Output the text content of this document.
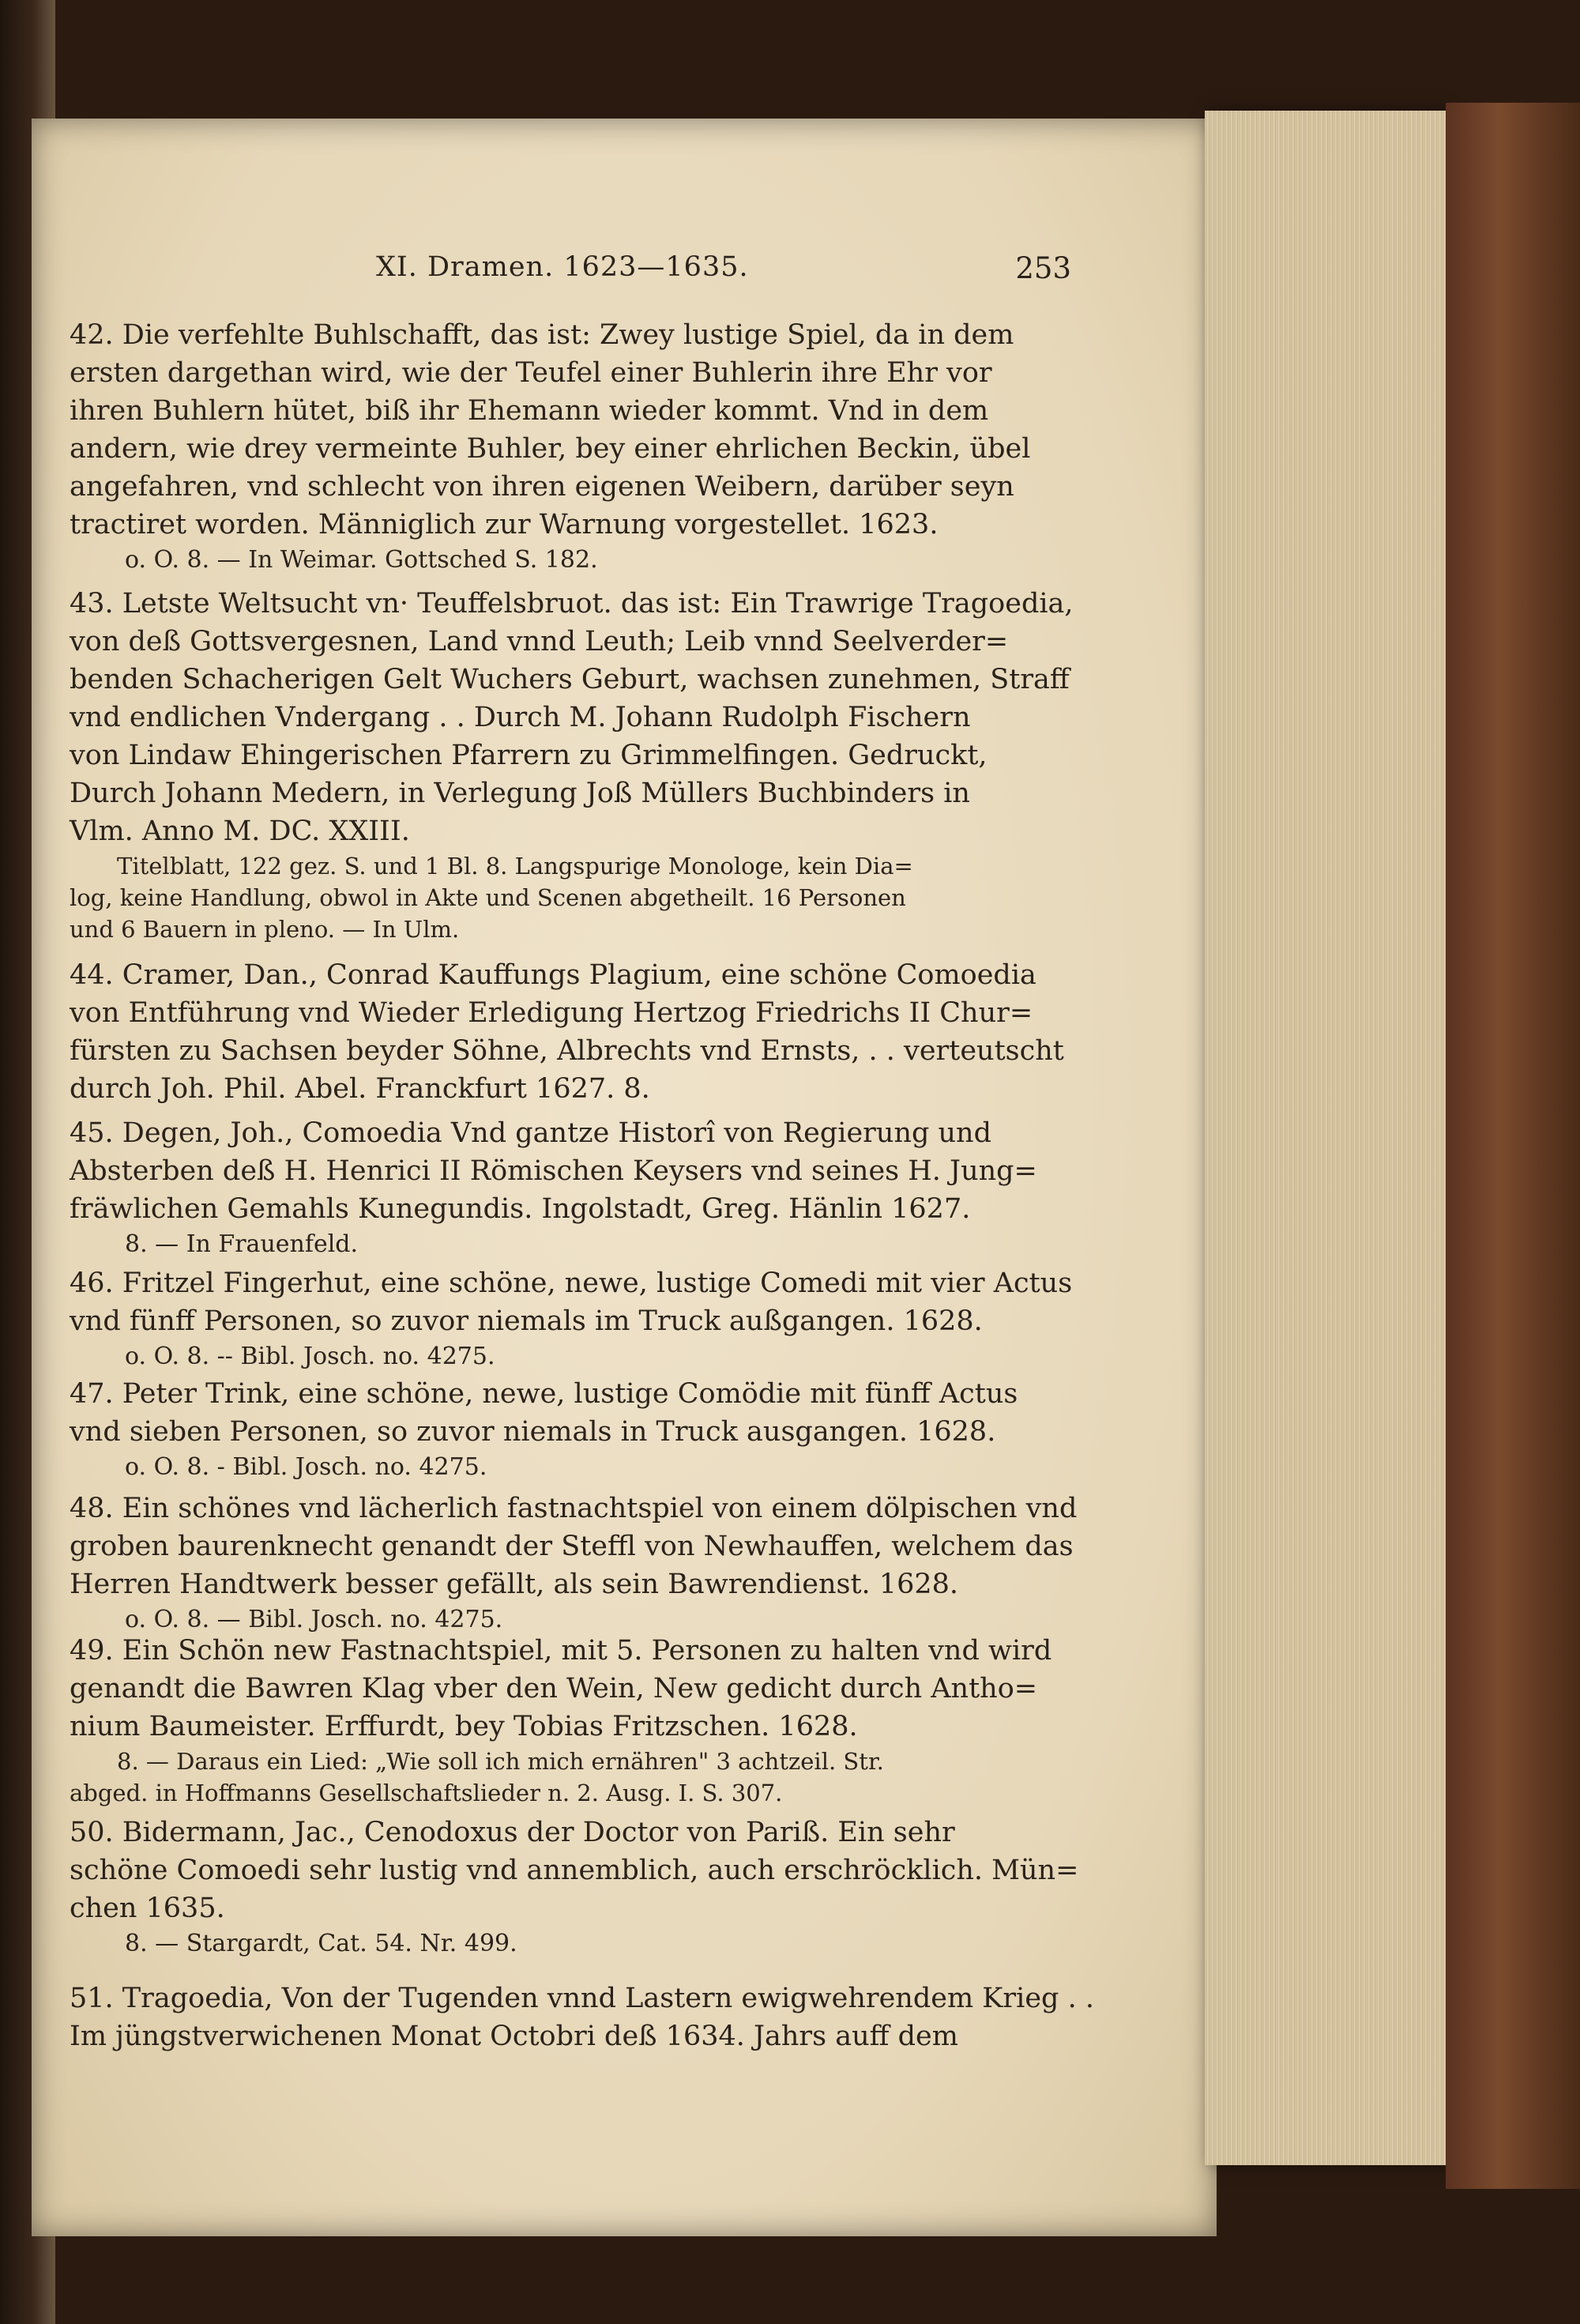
XI. Dramen. 1623—1635.	253
42. Die verfehlte Buhlschafft, das ist: Zwey lustige Spiel, da in dem
ersten dargethan wird, wie der Teufel einer Buhlerin ihre Ehr vor
ihren Buhlern hütet, biß ihr Ehemann wieder kommt. Vnd in dem
andern, wie drey vermeinte Buhler, bey einer ehrlichen Beckin, übel
angefahren, vnd schlecht von ihren eigenen Weibern, darüber seyn
tractiret worden. Männiglich zur Warnung vorgestellet. 1623.
o. O. 8. — In Weimar. Gottsched S. 182.
43. Letste Weltsucht vn· Teuffelsbruot. das ist: Ein Trawrige Tragoedia,
von deß Gottsvergesnen, Land vnnd Leuth; Leib vnnd Seelverder=
benden Schacherigen Gelt Wuchers Geburt, wachsen zunehmen, Straff
vnd endlichen Vndergang . . Durch M. Johann Rudolph Fischern
von Lindaw Ehingerischen Pfarrern zu Grimmelfingen. Gedruckt,
Durch Johann Medern, in Verlegung Joß Müllers Buchbinders in
Vlm. Anno M. DC. XXIII.
Titelblatt, 122 gez. S. und 1 Bl. 8. Langspurige Monologe, kein Dia=
log, keine Handlung, obwol in Akte und Scenen abgetheilt. 16 Personen
und 6 Bauern in pleno. — In Ulm.
44. Cramer, Dan., Conrad Kauffungs Plagium, eine schöne Comoedia
von Entführung vnd Wieder Erledigung Hertzog Friedrichs II Chur=
fürsten zu Sachsen beyder Söhne, Albrechts vnd Ernsts, . . verteutscht
durch Joh. Phil. Abel. Franckfurt 1627. 8.
45. Degen, Joh., Comoedia Vnd gantze Historî von Regierung und
Absterben deß H. Henrici II Römischen Keysers vnd seines H. Jung=
fräwlichen Gemahls Kunegundis. Ingolstadt, Greg. Hänlin 1627.
8. — In Frauenfeld.
46. Fritzel Fingerhut, eine schöne, newe, lustige Comedi mit vier Actus
vnd fünff Personen, so zuvor niemals im Truck außgangen. 1628.
o. O. 8. -- Bibl. Josch. no. 4275.
47. Peter Trink, eine schöne, newe, lustige Comödie mit fünff Actus
vnd sieben Personen, so zuvor niemals in Truck ausgangen. 1628.
o. O. 8. - Bibl. Josch. no. 4275.
48. Ein schönes vnd lächerlich fastnachtspiel von einem dölpischen vnd
groben baurenknecht genandt der Steffl von Newhauffen, welchem das
Herren Handtwerk besser gefällt, als sein Bawrendienst. 1628.
o. O. 8. — Bibl. Josch. no. 4275.
49. Ein Schön new Fastnachtspiel, mit 5. Personen zu halten vnd wird
genandt die Bawren Klag vber den Wein, New gedicht durch Antho=
nium Baumeister. Erffurdt, bey Tobias Fritzschen. 1628.
8. — Daraus ein Lied: „Wie soll ich mich ernähren" 3 achtzeil. Str.
abged. in Hoffmanns Gesellschaftslieder n. 2. Ausg. I. S. 307.
50. Bidermann, Jac., Cenodoxus der Doctor von Pariß. Ein sehr
schöne Comoedi sehr lustig vnd annemblich, auch erschröcklich. Mün=
chen 1635.
8. — Stargardt, Cat. 54. Nr. 499.
51. Tragoedia, Von der Tugenden vnnd Lastern ewigwehrendem Krieg . .
Im jüngstverwichenen Monat Octobri deß 1634. Jahrs auff dem
